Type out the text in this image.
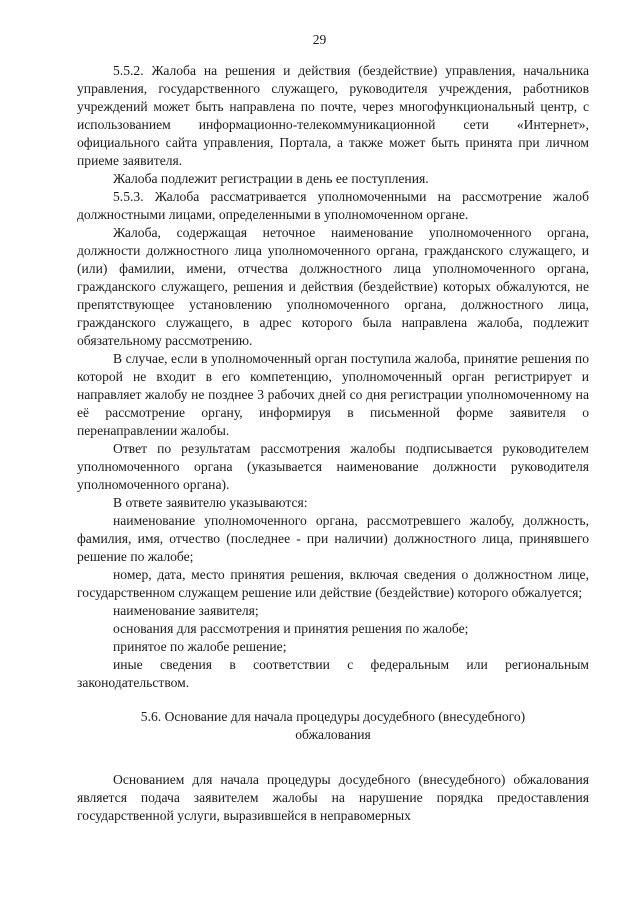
29

5.5.2. Жалоба на решения и действия (бездействие) управления, начальника управления, государственного служащего, руководителя учреждения, работников учреждений может быть направлена по почте, через многофункциональный центр, с использованием информационно-телекоммуникационной сети «Интернет», официального сайта управления, Портала, а также может быть принята при личном приеме заявителя.

Жалоба подлежит регистрации в день ее поступления.

5.5.3. Жалоба рассматривается уполномоченными на рассмотрение жалоб должностными лицами, определенными в уполномоченном органе.

Жалоба, содержащая неточное наименование уполномоченного органа, должности должностного лица уполномоченного органа, гражданского служащего, и (или) фамилии, имени, отчества должностного лица уполномоченного органа, гражданского служащего, решения и действия (бездействие) которых обжалуются, не препятствующее установлению уполномоченного органа, должностного лица, гражданского служащего, в адрес которого была направлена жалоба, подлежит обязательному рассмотрению.

В случае, если в уполномоченный орган поступила жалоба, принятие решения по которой не входит в его компетенцию, уполномоченный орган регистрирует и направляет жалобу не позднее 3 рабочих дней со дня регистрации уполномоченному на её рассмотрение органу, информируя в письменной форме заявителя о перенаправлении жалобы.

Ответ по результатам рассмотрения жалобы подписывается руководителем уполномоченного органа (указывается наименование должности руководителя уполномоченного органа).

В ответе заявителю указываются:

наименование уполномоченного органа, рассмотревшего жалобу, должность, фамилия, имя, отчество (последнее - при наличии) должностного лица, принявшего решение по жалобе;

номер, дата, место принятия решения, включая сведения о должностном лице, государственном служащем решение или действие (бездействие) которого обжалуется;

наименование заявителя;

основания для рассмотрения и принятия решения по жалобе;

принятое по жалобе решение;

иные сведения в соответствии с федеральным или региональным законодательством.

5.6. Основание для начала процедуры досудебного (внесудебного)
обжалования

Основанием для начала процедуры досудебного (внесудебного) обжалования является подача заявителем жалобы на нарушение порядка предоставления государственной услуги, выразившейся в неправомерных
